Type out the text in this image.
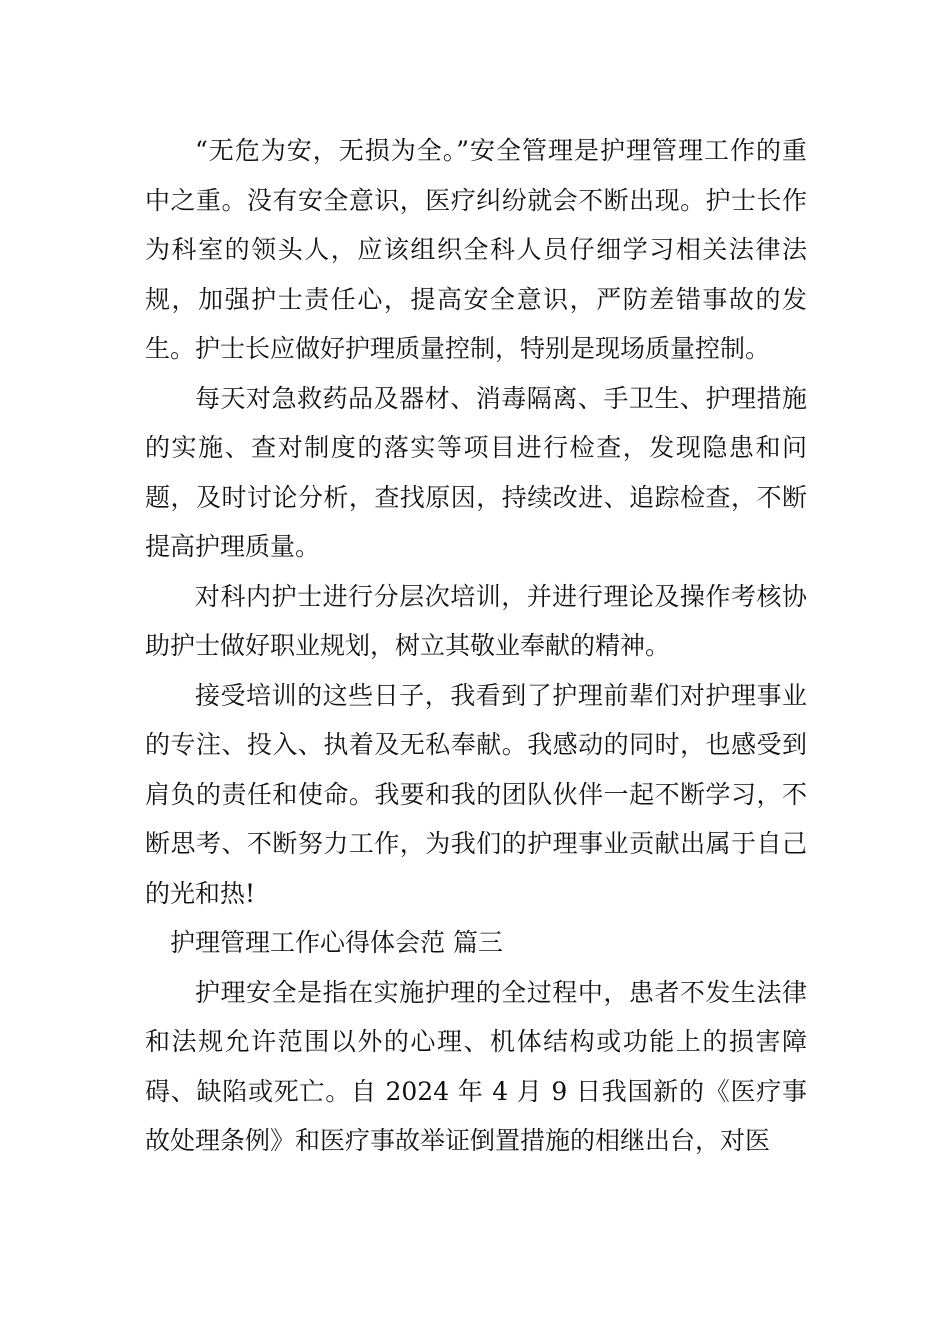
“无危为安，无损为全。”安全管理是护理管理工作的重中之重。没有安全意识，医疗纠纷就会不断出现。护士长作为科室的领头人，应该组织全科人员仔细学习相关法律法规，加强护士责任心，提高安全意识，严防差错事故的发生。护士长应做好护理质量控制，特别是现场质量控制。

每天对急救药品及器材、消毒隔离、手卫生、护理措施的实施、查对制度的落实等项目进行检查，发现隐患和问题，及时讨论分析，查找原因，持续改进、追踪检查，不断提高护理质量。

对科内护士进行分层次培训，并进行理论及操作考核协助护士做好职业规划，树立其敬业奉献的精神。

接受培训的这些日子，我看到了护理前辈们对护理事业的专注、投入、执着及无私奉献。我感动的同时，也感受到肩负的责任和使命。我要和我的团队伙伴一起不断学习，不断思考、不断努力工作，为我们的护理事业贡献出属于自己的光和热!

护理管理工作心得体会范 篇三

护理安全是指在实施护理的全过程中，患者不发生法律和法规允许范围以外的心理、机体结构或功能上的损害障碍、缺陷或死亡。自 2024 年 4 月 9 日我国新的《医疗事故处理条例》和医疗事故举证倒置措施的相继出台，对医
